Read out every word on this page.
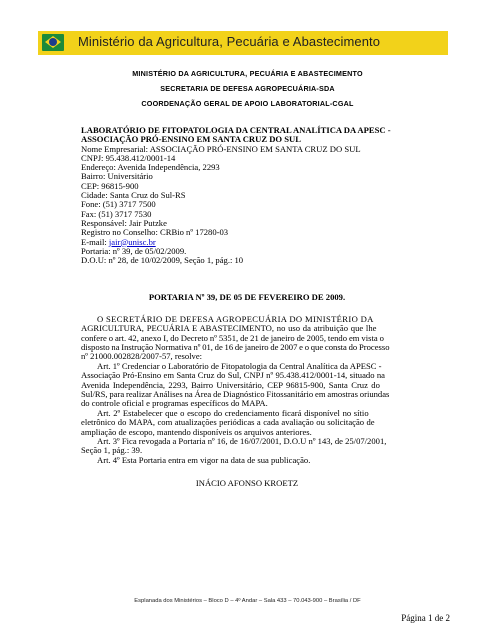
Ministério da Agricultura, Pecuária e Abastecimento
MINISTÉRIO DA AGRICULTURA, PECUÁRIA E ABASTECIMENTO
SECRETARIA DE DEFESA AGROPECUÁRIA-SDA
COORDENAÇÃO GERAL DE APOIO LABORATORIAL-CGAL
LABORATÓRIO DE FITOPATOLOGIA DA CENTRAL ANALÍTICA DA APESC -
ASSOCIAÇÃO PRÓ-ENSINO EM SANTA CRUZ DO SUL
Nome Empresarial: ASSOCIAÇÃO PRÓ-ENSINO EM SANTA CRUZ DO SUL
CNPJ: 95.438.412/0001-14
Endereço: Avenida Independência, 2293
Bairro: Universitário
CEP: 96815-900
Cidade: Santa Cruz do Sul-RS
Fone: (51) 3717 7500
Fax: (51) 3717 7530
Responsável: Jair Putzke
Registro no Conselho: CRBio nº 17280-03
E-mail: jair@unisc.br
Portaria: nº 39, de 05/02/2009.
D.O.U: nº 28, de 10/02/2009, Seção 1, pág.: 10
PORTARIA Nº 39, DE 05 DE FEVEREIRO DE 2009.
O SECRETÁRIO DE DEFESA AGROPECUÁRIA DO MINISTÉRIO DA
AGRICULTURA, PECUÁRIA E ABASTECIMENTO, no uso da atribuição que lhe
confere o art. 42, anexo I, do Decreto nº 5351, de 21 de janeiro de 2005, tendo em vista o
disposto na Instrução Normativa nº 01, de 16 de janeiro de 2007 e o que consta do Processo
nº 21000.002828/2007-57, resolve:
Art. 1º Credenciar o Laboratório de Fitopatologia da Central Analítica da APESC -
Associação Pró-Ensino em Santa Cruz do Sul, CNPJ nº 95.438.412/0001-14, situado na
Avenida Independência, 2293, Bairro Universitário, CEP 96815-900, Santa Cruz do
Sul/RS, para realizar Análises na Área de Diagnóstico Fitossanitário em amostras oriundas
do controle oficial e programas específicos do MAPA.
Art. 2º Estabelecer que o escopo do credenciamento ficará disponível no sítio
eletrônico do MAPA, com atualizações periódicas a cada avaliação ou solicitação de
ampliação de escopo, mantendo disponíveis os arquivos anteriores.
Art. 3º Fica revogada a Portaria nº 16, de 16/07/2001, D.O.U nº 143, de 25/07/2001,
Seção 1, pág.: 39.
Art. 4º Esta Portaria entra em vigor na data de sua publicação.
INÁCIO AFONSO KROETZ
Esplanada dos Ministérios – Bloco D – 4º Andar – Sala 433 – 70.043-900 – Brasília / DF
Página 1 de 2
